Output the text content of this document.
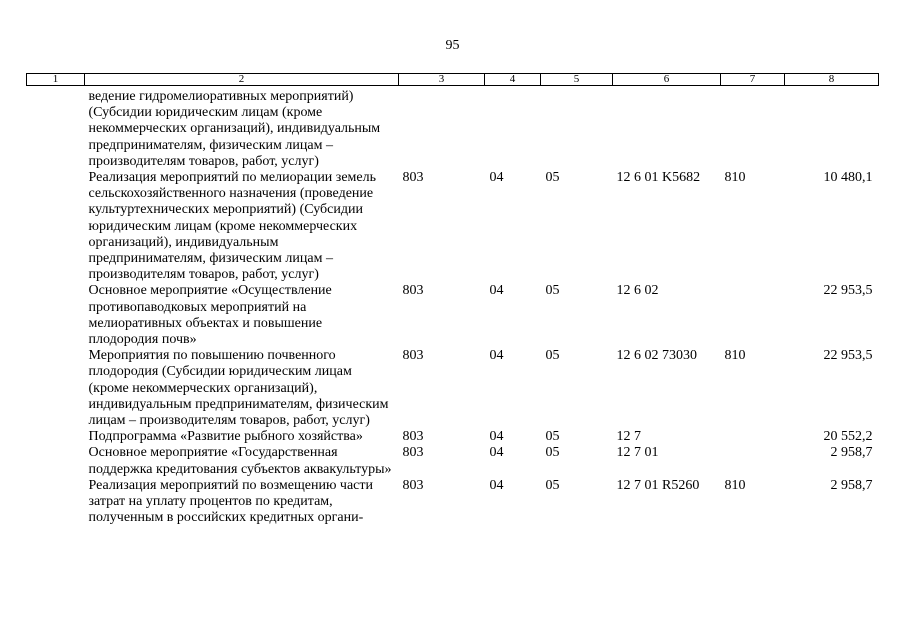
95
1	2	3	4	5	6	7	8
	ведение гидромелиоративных мероприятий) (Субсидии юридическим лицам (кроме некоммерческих организаций), индивидуальным предпринимателям, физическим лицам – производителям товаров, работ, услуг)						
	Реализация мероприятий по мелиорации земель сельскохозяйственного назначения (проведение культуртехнических мероприятий) (Субсидии юридическим лицам (кроме некоммерческих организаций), индивидуальным предпринимателям, физическим лицам – производителям товаров, работ, услуг)	803	04	05	12 6 01 K5682	810	10 480,1
	Основное мероприятие «Осуществление противопаводковых мероприятий на мелиоративных объектах и повышение плодородия почв»	803	04	05	12 6 02		22 953,5
	Мероприятия по повышению почвенного плодородия (Субсидии юридическим лицам (кроме некоммерческих организаций), индивидуальным предпринимателям, физическим лицам – производителям товаров, работ, услуг)	803	04	05	12 6 02 73030	810	22 953,5
	Подпрограмма «Развитие рыбного хозяйства»	803	04	05	12 7		20 552,2
	Основное мероприятие «Государственная поддержка кредитования субъектов аквакультуры»	803	04	05	12 7 01		2 958,7
	Реализация мероприятий по возмещению части затрат на уплату процентов по кредитам, полученным в российских кредитных органи-	803	04	05	12 7 01 R5260	810	2 958,7
